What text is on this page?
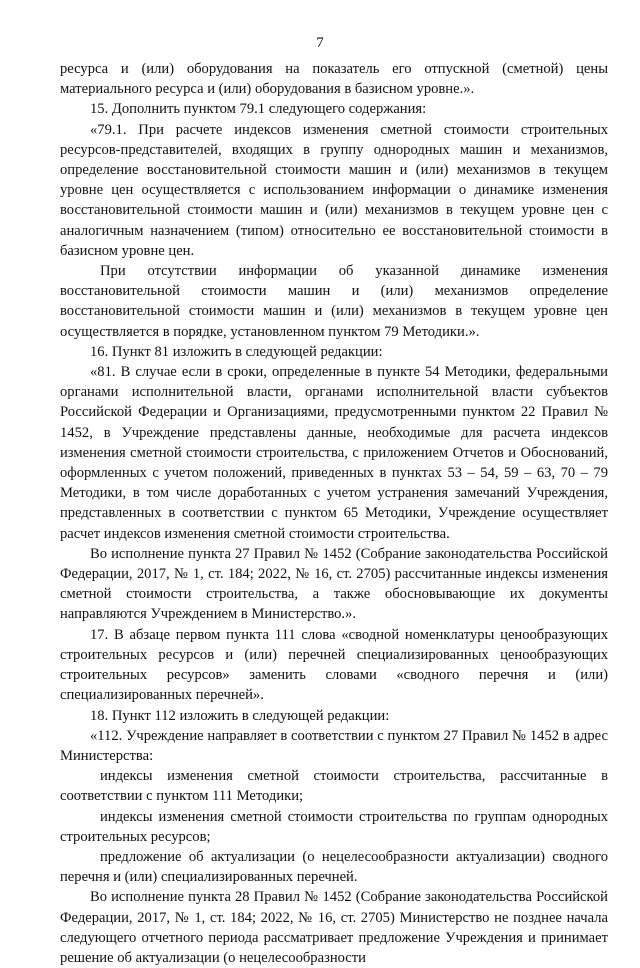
7

ресурса и (или) оборудования на показатель его отпускной (сметной) цены материального ресурса и (или) оборудования в базисном уровне.».

15. Дополнить пунктом 79.1 следующего содержания:

«79.1. При расчете индексов изменения сметной стоимости строительных ресурсов-представителей, входящих в группу однородных машин и механизмов, определение восстановительной стоимости машин и (или) механизмов в текущем уровне цен осуществляется с использованием информации о динамике изменения восстановительной стоимости машин и (или) механизмов в текущем уровне цен с аналогичным назначением (типом) относительно ее восстановительной стоимости в базисном уровне цен.

При отсутствии информации об указанной динамике изменения восстановительной стоимости машин и (или) механизмов определение восстановительной стоимости машин и (или) механизмов в текущем уровне цен осуществляется в порядке, установленном пунктом 79 Методики.».

16. Пункт 81 изложить в следующей редакции:

«81. В случае если в сроки, определенные в пункте 54 Методики, федеральными органами исполнительной власти, органами исполнительной власти субъектов Российской Федерации и Организациями, предусмотренными пунктом 22 Правил № 1452, в Учреждение представлены данные, необходимые для расчета индексов изменения сметной стоимости строительства, с приложением Отчетов и Обоснований, оформленных с учетом положений, приведенных в пунктах 53 – 54, 59 – 63, 70 – 79 Методики, в том числе доработанных с учетом устранения замечаний Учреждения, представленных в соответствии с пунктом 65 Методики, Учреждение осуществляет расчет индексов изменения сметной стоимости строительства.

Во исполнение пункта 27 Правил № 1452 (Собрание законодательства Российской Федерации, 2017, № 1, ст. 184; 2022, № 16, ст. 2705) рассчитанные индексы изменения сметной стоимости строительства, а также обосновывающие их документы направляются Учреждением в Министерство.».

17. В абзаце первом пункта 111 слова «сводной номенклатуры ценообразующих строительных ресурсов и (или) перечней специализированных ценообразующих строительных ресурсов» заменить словами «сводного перечня и (или) специализированных перечней».

18. Пункт 112 изложить в следующей редакции:

«112. Учреждение направляет в соответствии с пунктом 27 Правил № 1452 в адрес Министерства:

индексы изменения сметной стоимости строительства, рассчитанные в соответствии с пунктом 111 Методики;

индексы изменения сметной стоимости строительства по группам однородных строительных ресурсов;

предложение об актуализации (о нецелесообразности актуализации) сводного перечня и (или) специализированных перечней.

Во исполнение пункта 28 Правил № 1452 (Собрание законодательства Российской Федерации, 2017, № 1, ст. 184; 2022, № 16, ст. 2705) Министерство не позднее начала следующего отчетного периода рассматривает предложение Учреждения и принимает решение об актуализации (о нецелесообразности
